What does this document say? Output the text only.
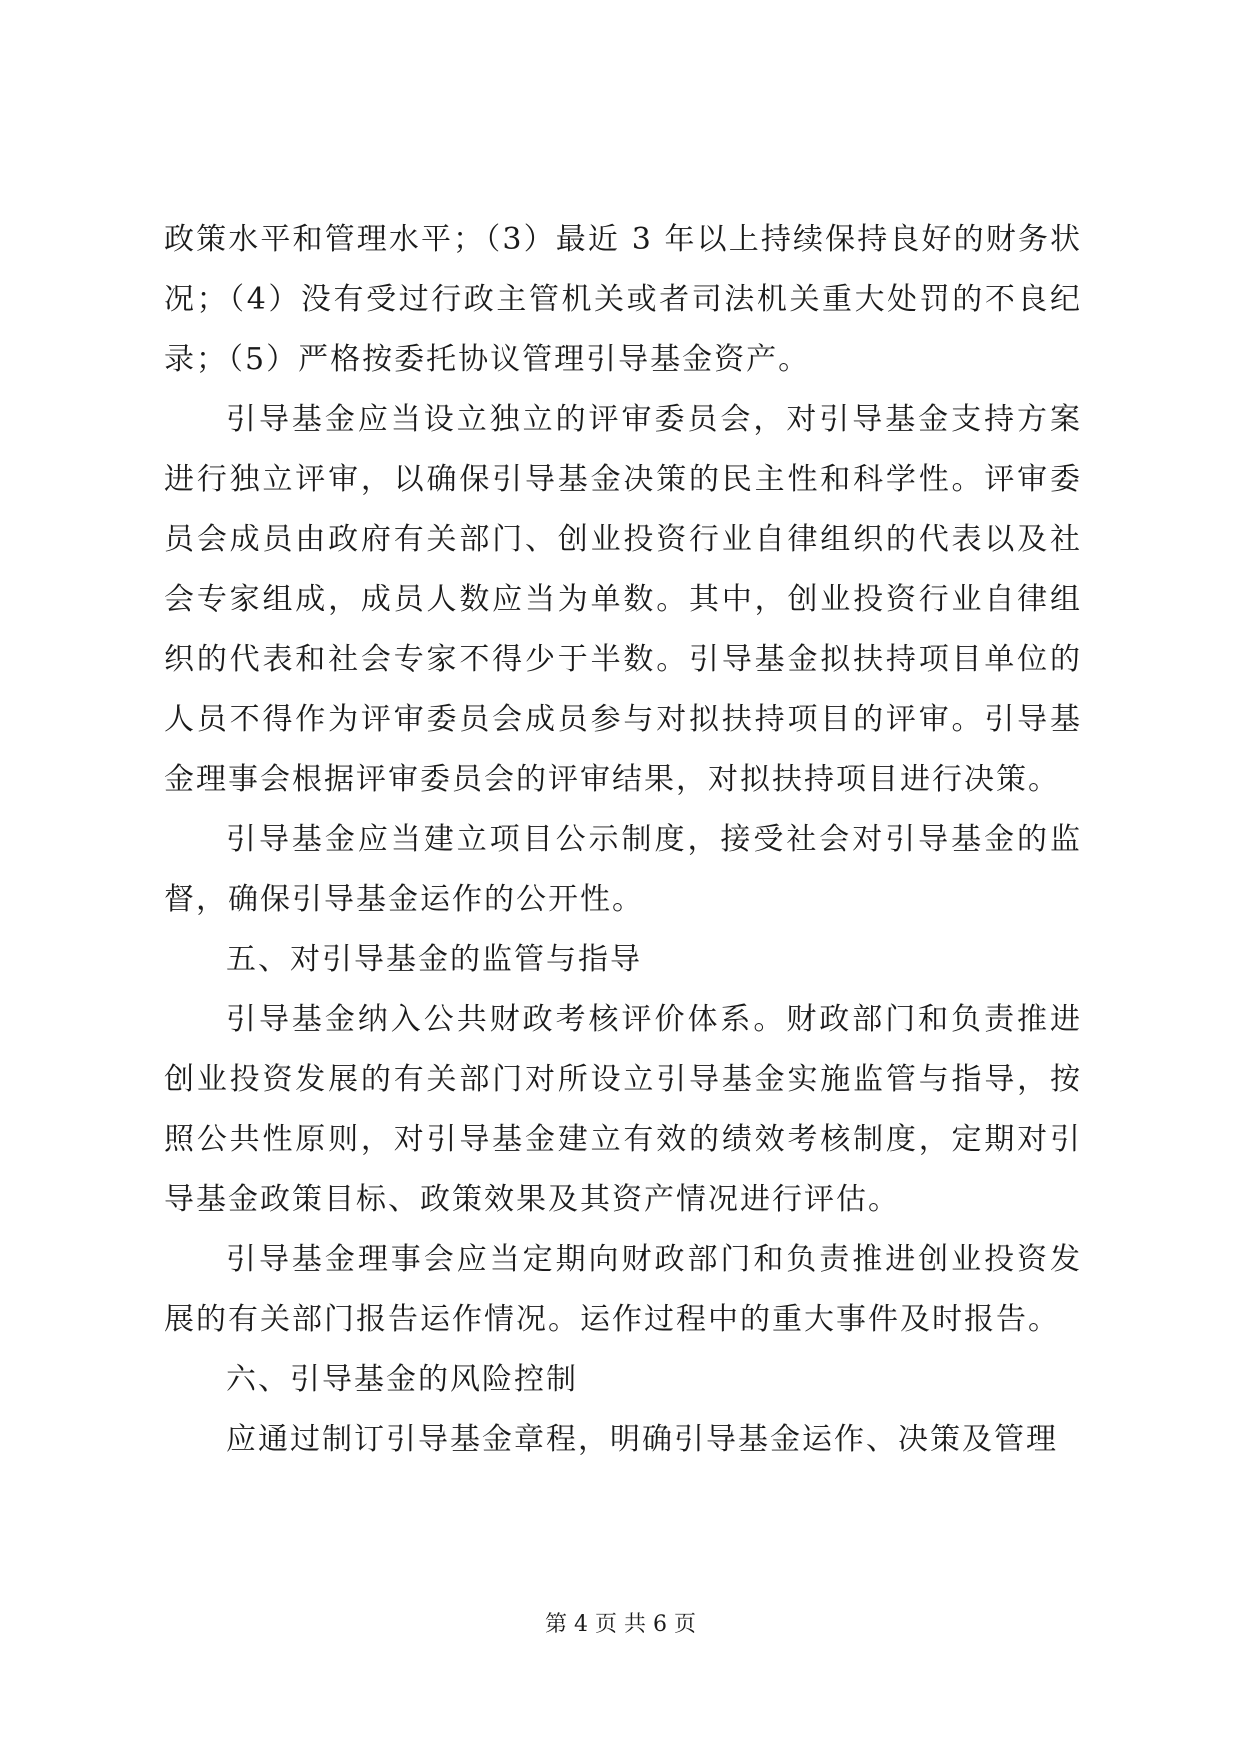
政策水平和管理水平；（3）最近 3 年以上持续保持良好的财务状况；（4）没有受过行政主管机关或者司法机关重大处罚的不良纪录；（5）严格按委托协议管理引导基金资产。

引导基金应当设立独立的评审委员会，对引导基金支持方案进行独立评审，以确保引导基金决策的民主性和科学性。评审委员会成员由政府有关部门、创业投资行业自律组织的代表以及社会专家组成，成员人数应当为单数。其中，创业投资行业自律组织的代表和社会专家不得少于半数。引导基金拟扶持项目单位的人员不得作为评审委员会成员参与对拟扶持项目的评审。引导基金理事会根据评审委员会的评审结果，对拟扶持项目进行决策。

引导基金应当建立项目公示制度，接受社会对引导基金的监督，确保引导基金运作的公开性。

五、对引导基金的监管与指导

引导基金纳入公共财政考核评价体系。财政部门和负责推进创业投资发展的有关部门对所设立引导基金实施监管与指导，按照公共性原则，对引导基金建立有效的绩效考核制度，定期对引导基金政策目标、政策效果及其资产情况进行评估。

引导基金理事会应当定期向财政部门和负责推进创业投资发展的有关部门报告运作情况。运作过程中的重大事件及时报告。

六、引导基金的风险控制

应通过制订引导基金章程，明确引导基金运作、决策及管理

第 4 页 共 6 页
